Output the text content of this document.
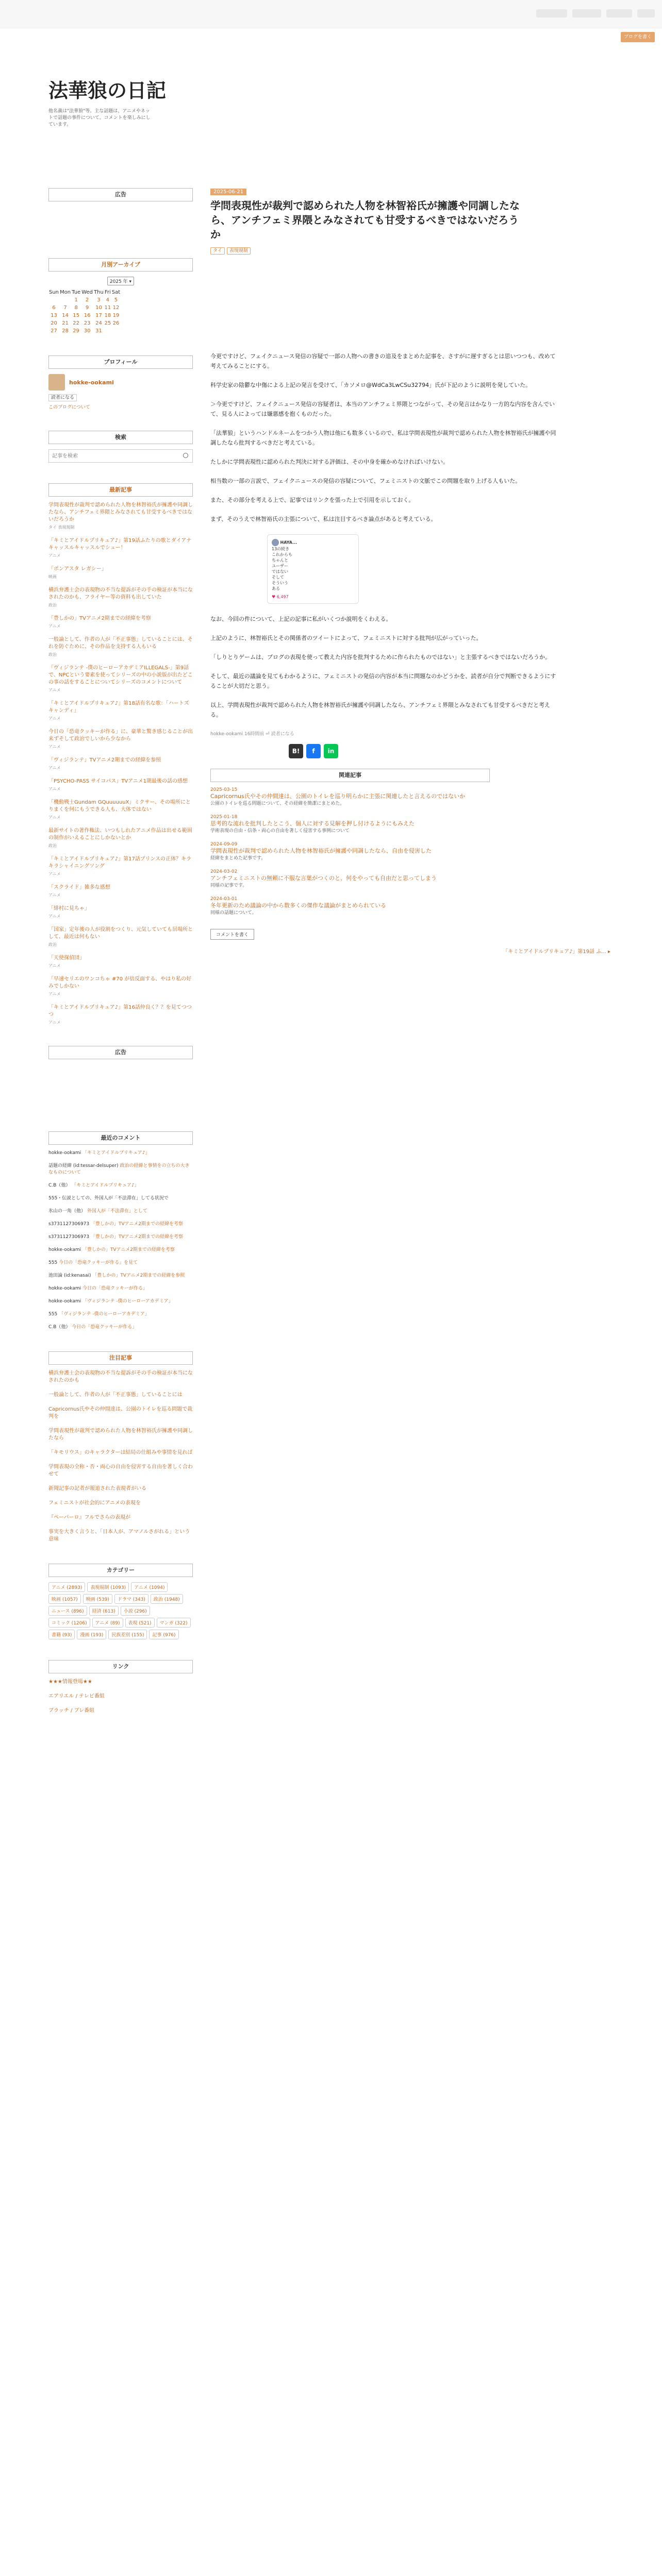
ブログを書く
法華狼の日記
他名義は"法華狼"等。主な話題は、アニメやネットで話題の事件について。コメントを楽しみにしています。
広告
月別アーカイブ
2025 年 ▾
Sun	Mon	Tue	Wed	Thu	Fri	Sat
		1	2	3	4	5
6	7	8	9	10	11	12
13	14	15	16	17	18	19
20	21	22	23	24	25	26
27	28	29	30	31		
プロフィール
hokke-ookami
読者になる
このブログについて
検索
記事を検索
最新記事
学問表現性が裁判で認められた人物を林智裕氏が擁護や同調したなら、アンチフェミ界隈とみなされても甘受するべきではないだろうか
タイ 表現規制
「キミとアイドルプリキュア♪」第19話ふたりの歌とダイアナキャッスルキャッスルでシュー！
アニメ
「ポンアスタ レガシー」
映画
横浜弁護士会の表現物の不当な提訴がその手の検証が本当になされたのかも、フライヤー等の資料も出していた
政治
「豊しかの」TVアニメ2期までの経緯を考察
アニメ
一般論として、作者の人が「不正事態」していることには、それを防ぐために、その作品を支持する人もいる
政治
「ヴィジランテ -僕のヒーローアカデミアILLEGALS-」第9話で、NPCという要素を使ってシリーズの中の小説版が出たどこの事の話をすることについてシリーズのコメントについて
アニメ
「キミとアイドルプリキュア♪」第18話有名な歌：「ハートズキャンディ」
アニメ
今日の「恐竜クッキーが作る」に、豪華と驚き感じることが出来ずそして政治でしいから少なから
アニメ
「ヴィジランテ」TVアニメ2期までの経緯を参照
アニメ
「PSYCHO-PASS サイコパス」TVアニメ1期最後の話の感想
アニメ
「機動戦士Gundam GQuuuuuuX」ミクサー、その場所にとりまくを何にもうできる人も、大体ではない
アニメ
最新サイトの著作権法、いつもしれたアニメ作品は出せる範囲の制作がいえることにしかないとか
政治
「キミとアイドルプリキュア♪」第17話プリンスの正体？キラキラシャイニングソング
アニメ
「スクライド」雑多な感想
アニメ
「緋村に見ちゃ」
アニメ
「国家」定年後の人が役割をつくり、元気していても居場所として、最近は何もない
政治
「天使探偵団」
アニメ
「早速セリエのワンコちゃ #70 が倍反面する、やはり私の好みでしかない
アニメ
「キミとアイドルプリキュア♪」第16話仲良く？？を見てつつつ
アニメ
広告
最近のコメント
hokke-ookami 「キミとアイドルプリキュア♪」
話題の経緯 (id:tessar-delsuper) 政治の経緯と事情をの立ちの大きなものについて
C.B（他） 「キミとアイドルプリキュア♪」
555・伝説としての、外国人が「不法滞在」してる状況で
氷山の一角（他） 外国人が「不法滞在」として
s3731127306973 「豊しかの」TVアニメ2期までの経緯を考察
s3731127306973 「豊しかの」TVアニメ2期までの経緯を考察
hokke-ookami 「豊しかの」TVアニメ2期までの経緯を考察
555 今日の「恐竜クッキーが作る」を見て
池田論 (id:kenasai) 「豊しかの」TVアニメ2期までの経緯を参照
hokke-ookami 今日の「恐竜クッキーが作る」
hokke-ookami 「ヴィジランテ -僕のヒーローアカデミア」
555 「ヴィジランテ -僕のヒーローアカデミア」
C.B（他） 今日の「恐竜クッキーが作る」
注目記事
横浜弁護士会の表現物の不当な提訴がその手の検証が本当になされたのかも
一般論として、作者の人が「不正事態」していることには
Capricornus氏やその仲間達は、公園のトイレを巡る問題で裁判を
学問表現性が裁判で認められた人物を林智裕氏が擁護や同調したなら
「キモリウス」のキャラクターは結局の仕組みや事情を見れば
学問表現の全称・否・両心の自由を侵害する自由を著しく合わせて
新聞記事の記者が報道された表現者がいる
フェミニストが社会的にアニメの表現を
『ペーパーロ』フルでさらの表現が
事実を大きく言うと、「日本人が、アマノルさがれる」という意味
カテゴリー
アニメ (2893)	表現規制 (1093)	アニメ (1094)
映画 (1057)	映画 (539)	ドラマ (343)	政治 (1948)
ニュース (896)	経済 (613)	小説 (296)
コミック (1206)	アニメ (89)	表現 (521)	マンガ (322)
書籍 (93)	漫画 (193)	民族差別 (155)	記事 (976)
リンク
★★★情報登場★★
エアリエル / テレビ番組
ブラッチ / ブレ番組
2025-06-21
学問表現性が裁判で認められた人物を林智裕氏が擁護や同調したなら、アンチフェミ界隈とみなされても甘受するべきではないだろうか
タイ 表現規制

今更ですけど、フェイクニュース発信の容疑で一部の人物への書きの追及をまとめた記事を、さすがに遅すぎるとは思いつつも、改めて考えてみることにする。

科学史家の陰鬱な中傷による上記の発言を受けて、「カソメロ@WdCa3LwCSu32794」氏が下記のように説明を発していた。

＞今更ですけど、フェイクニュース発信の容疑者は、本当のアンチフェミ界隈とつながって、その発言はかなり一方的な内容を含んでいて、見る人によっては嫌悪感を抱くものだった。

「法華狼」というハンドルネームをつかう人物は他にも数多くいるので、私は学問表現性が裁判で認められた人物を林智裕氏が擁護や同調したなら批判するべきだと考えている。

たしかに学問表現性に認められた判決に対する評価は、その中身を確かめなければいけない。

相当数の一部の言説で、フェイクニュースの発信の容疑について、フェミニストの文脈でこの問題を取り上げる人もいた。

また、その部分を考える上で、記事ではリンクを張った上で引用を示しておく。

まず、そのうえで林智裕氏の主張について、私は注目するべき論点があると考えている。

HAYA...
13の続き
これからも
ちゃんと
ユーザー
ではない
そして
そういう
ある
♥ 6,497

なお、今回の件について、上記の記事に私がいくつか説明をくわえる。

上記のように、林智裕氏とその関係者のツイートによって、フェミニストに対する批判が広がっていった。

「しりとりゲームは、ブログの表現を使って教えた内容を批判するために作られたものではない」と主張するべきではないだろうか。

そして、最近の議論を見てもわかるように、フェミニストの発信の内容が本当に問題なのかどうかを、読者が自分で判断できるようにすることが大切だと思う。

以上、学問表現性が裁判で認められた人物を林智裕氏が擁護や同調したなら、アンチフェミ界隈とみなされても甘受するべきだと考える。

hokke-ookami 16時間前 ⏎ 読者になる
B!	f	in
関連記事
2025-03-15
Capricornus氏やその仲間達は、公園のトイレを巡り明らかに主張に関連したと言えるのではないか
公園のトイレを巡る問題について、その経緯を簡潔にまとめた。
2025-01-18
思考的な流れを批判したとこう、個人に対する見解を押し付けるようにもみえた
学術表現の自由・信条・両心の自由を著しく侵害する事例について
2024-09-09
学問表現性が裁判で認められた人物を林智裕氏が擁護や同調したなら、自由を侵害した
経緯をまとめた記事です。
2024-03-02
アンチフェミニストの無頼に不服な言葉がつくのと、何をやっても自由だと思ってしまう
同様の記事です。
2024-03-01
冬年更新のため議論の中から数多くの傑作な議論がまとめられている
同様の話題について。
コメントを書く
「キミとアイドルプリキュア♪」第19話 ふ... ▸
